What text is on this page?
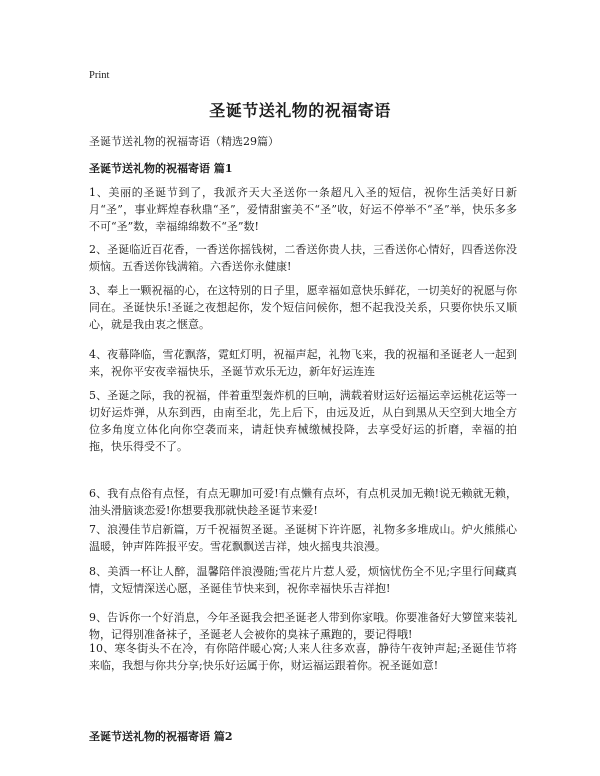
Print
圣诞节送礼物的祝福寄语
圣诞节送礼物的祝福寄语（精选29篇）
圣诞节送礼物的祝福寄语 篇1

1、美丽的圣诞节到了，我派齐天大圣送你一条超凡入圣的短信，祝你生活美好日新月“圣”，事业辉煌春秋鼎“圣”，爱情甜蜜美不“圣”收，好运不停举不“圣”举，快乐多多不可“圣”数，幸福绵绵数不“圣”数!

2、圣诞临近百花香，一香送你摇钱树，二香送你贵人扶，三香送你心情好，四香送你没烦恼。五香送你钱满箱。六香送你永健康!

3、奉上一颗祝福的心，在这特别的日子里，愿幸福如意快乐鲜花，一切美好的祝愿与你同在。圣诞快乐!圣诞之夜想起你，发个短信问候你，想不起我没关系，只要你快乐又顺心，就是我由衷之惬意。

4、夜幕降临，雪花飘落，霓虹灯明，祝福声起，礼物飞来，我的祝福和圣诞老人一起到来，祝你平安夜幸福快乐，圣诞节欢乐无边，新年好运连连

5、圣诞之际，我的祝福，伴着重型轰炸机的巨响，满载着财运好运福运幸运桃花运等一切好运炸弹，从东到西，由南至北，先上后下，由远及近，从白到黑从天空到大地全方位多角度立体化向你空袭而来，请赶快弃械缴械投降，去享受好运的折磨，幸福的拍拖，快乐得受不了。

6、我有点俗有点怪，有点无聊加可爱!有点懒有点坏，有点机灵加无赖!说无赖就无赖，油头滑脑谈恋爱!你想要我那就快趁圣诞节来爱!

7、浪漫佳节启新篇，万千祝福贺圣诞。圣诞树下许许愿，礼物多多堆成山。炉火熊熊心温暖，钟声阵阵报平安。雪花飘飘送吉祥，烛火摇曳共浪漫。

8、美酒一杯让人醉，温馨陪伴浪漫随;雪花片片惹人爱，烦恼忧伤全不见;字里行间藏真情，文短情深送心愿，圣诞佳节快来到，祝你幸福快乐吉祥抱!

9、告诉你一个好消息，今年圣诞我会把圣诞老人带到你家哦。你要准备好大箩筐来装礼物，记得别准备袜子，圣诞老人会被你的臭袜子熏跑的，要记得哦!

10、寒冬街头不在冷，有你陪伴暖心窝;人来人往多欢喜，静待午夜钟声起;圣诞佳节将来临，我想与你共分享;快乐好运属于你，财运福运跟着你。祝圣诞如意!

圣诞节送礼物的祝福寄语 篇2
